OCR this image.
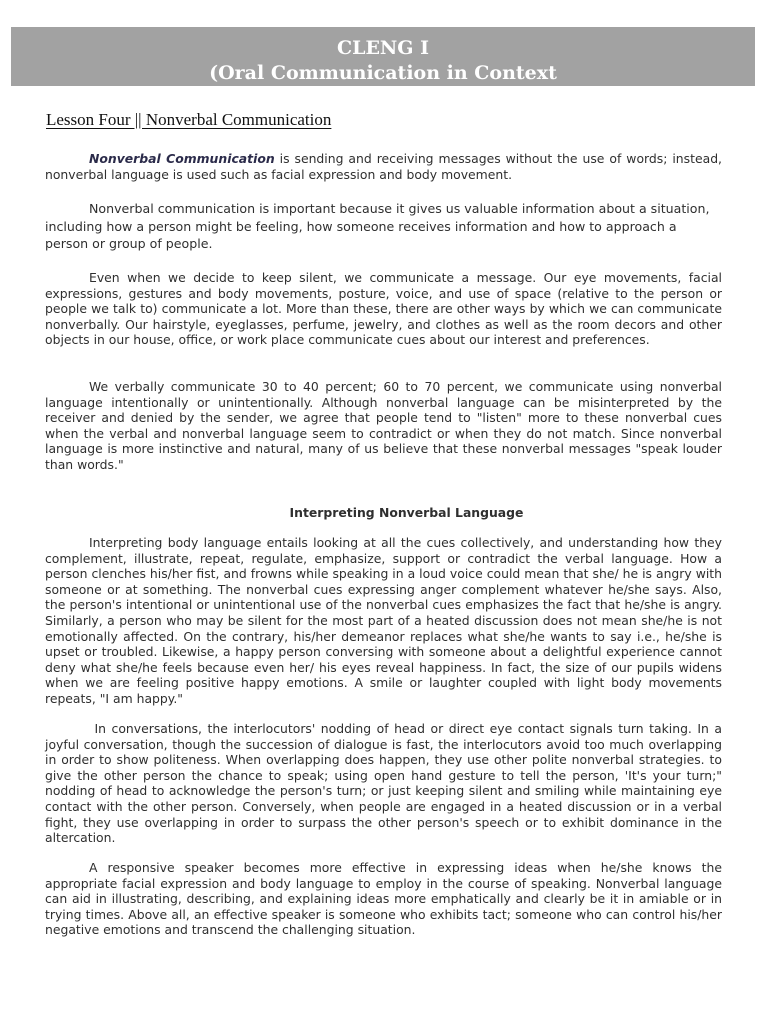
CLENG I
(Oral Communication in Context
Lesson Four || Nonverbal Communication

Nonverbal Communication is sending and receiving messages without the use of words; instead, nonverbal language is used such as facial expression and body movement.

Nonverbal communication is important because it gives us valuable information about a situation, including how a person might be feeling, how someone receives information and how to approach a person or group of people.

Even when we decide to keep silent, we communicate a message. Our eye movements, facial expressions, gestures and body movements, posture, voice, and use of space (relative to the person or people we talk to) communicate a lot. More than these, there are other ways by which we can communicate nonverbally. Our hairstyle, eyeglasses, perfume, jewelry, and clothes as well as the room decors and other objects in our house, office, or work place communicate cues about our interest and preferences.

We verbally communicate 30 to 40 percent; 60 to 70 percent, we communicate using nonverbal language intentionally or unintentionally. Although nonverbal language can be misinterpreted by the receiver and denied by the sender, we agree that people tend to "listen" more to these nonverbal cues when the verbal and nonverbal language seem to contradict or when they do not match. Since nonverbal language is more instinctive and natural, many of us believe that these nonverbal messages "speak louder than words."

Interpreting Nonverbal Language

Interpreting body language entails looking at all the cues collectively, and understanding how they complement, illustrate, repeat, regulate, emphasize, support or contradict the verbal language. How a person clenches his/her fist, and frowns while speaking in a loud voice could mean that she/ he is angry with someone or at something. The nonverbal cues expressing anger complement whatever he/she says. Also, the person's intentional or unintentional use of the nonverbal cues emphasizes the fact that he/she is angry. Similarly, a person who may be silent for the most part of a heated discussion does not mean she/he is not emotionally affected. On the contrary, his/her demeanor replaces what she/he wants to say i.e., he/she is upset or troubled. Likewise, a happy person conversing with someone about a delightful experience cannot deny what she/he feels because even her/ his eyes reveal happiness. In fact, the size of our pupils widens when we are feeling positive happy emotions. A smile or laughter coupled with light body movements repeats, "I am happy."

In conversations, the interlocutors' nodding of head or direct eye contact signals turn taking. In a joyful conversation, though the succession of dialogue is fast, the interlocutors avoid too much overlapping in order to show politeness. When overlapping does happen, they use other polite nonverbal strategies. to give the other person the chance to speak; using open hand gesture to tell the person, 'It's your turn;" nodding of head to acknowledge the person's turn; or just keeping silent and smiling while maintaining eye contact with the other person. Conversely, when people are engaged in a heated discussion or in a verbal fight, they use overlapping in order to surpass the other person's speech or to exhibit dominance in the altercation.

A responsive speaker becomes more effective in expressing ideas when he/she knows the appropriate facial expression and body language to employ in the course of speaking. Nonverbal language can aid in illustrating, describing, and explaining ideas more emphatically and clearly be it in amiable or in trying times. Above all, an effective speaker is someone who exhibits tact; someone who can control his/her negative emotions and transcend the challenging situation.
